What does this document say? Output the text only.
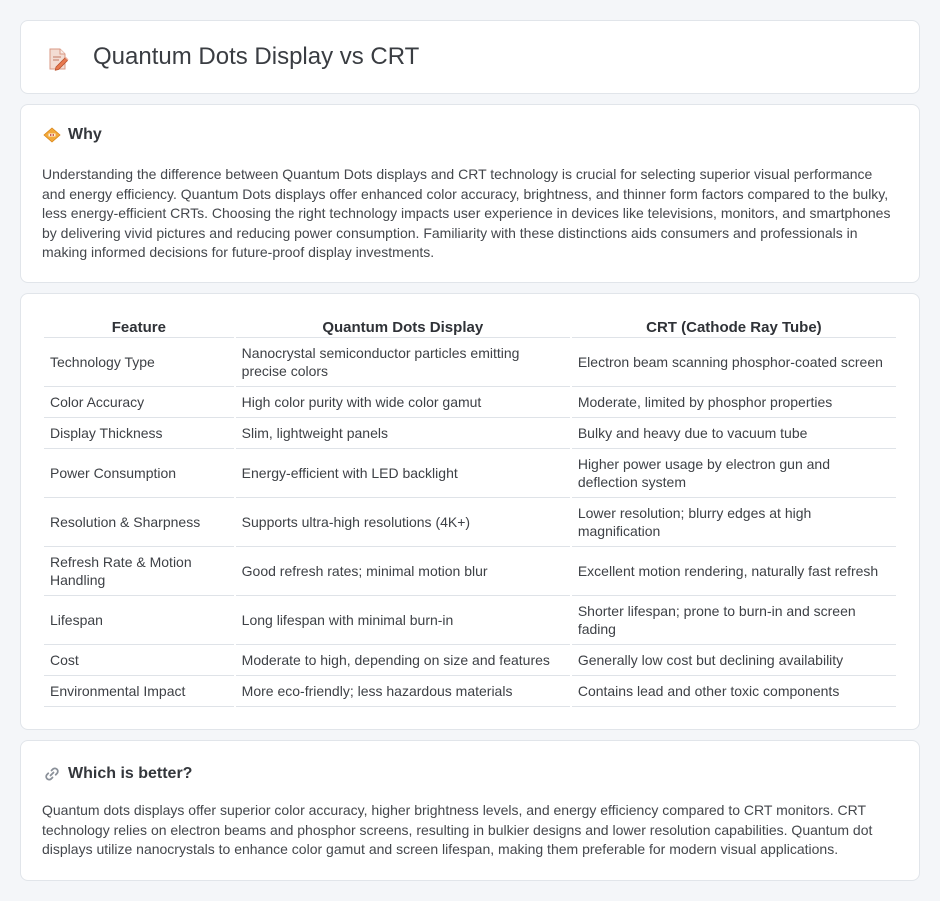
Quantum Dots Display vs CRT
Why

Understanding the difference between Quantum Dots displays and CRT technology is crucial for selecting superior visual performance and energy efficiency. Quantum Dots displays offer enhanced color accuracy, brightness, and thinner form factors compared to the bulky, less energy-efficient CRTs. Choosing the right technology impacts user experience in devices like televisions, monitors, and smartphones by delivering vivid pictures and reducing power consumption. Familiarity with these distinctions aids consumers and professionals in making informed decisions for future-proof display investments.

Feature	Quantum Dots Display	CRT (Cathode Ray Tube)
Technology Type	Nanocrystal semiconductor particles emitting precise colors	Electron beam scanning phosphor-coated screen
Color Accuracy	High color purity with wide color gamut	Moderate, limited by phosphor properties
Display Thickness	Slim, lightweight panels	Bulky and heavy due to vacuum tube
Power Consumption	Energy-efficient with LED backlight	Higher power usage by electron gun and deflection system
Resolution & Sharpness	Supports ultra-high resolutions (4K+)	Lower resolution; blurry edges at high magnification
Refresh Rate & Motion Handling	Good refresh rates; minimal motion blur	Excellent motion rendering, naturally fast refresh
Lifespan	Long lifespan with minimal burn-in	Shorter lifespan; prone to burn-in and screen fading
Cost	Moderate to high, depending on size and features	Generally low cost but declining availability
Environmental Impact	More eco-friendly; less hazardous materials	Contains lead and other toxic components
Which is better?

Quantum dots displays offer superior color accuracy, higher brightness levels, and energy efficiency compared to CRT monitors. CRT technology relies on electron beams and phosphor screens, resulting in bulkier designs and lower resolution capabilities. Quantum dot displays utilize nanocrystals to enhance color gamut and screen lifespan, making them preferable for modern visual applications.
